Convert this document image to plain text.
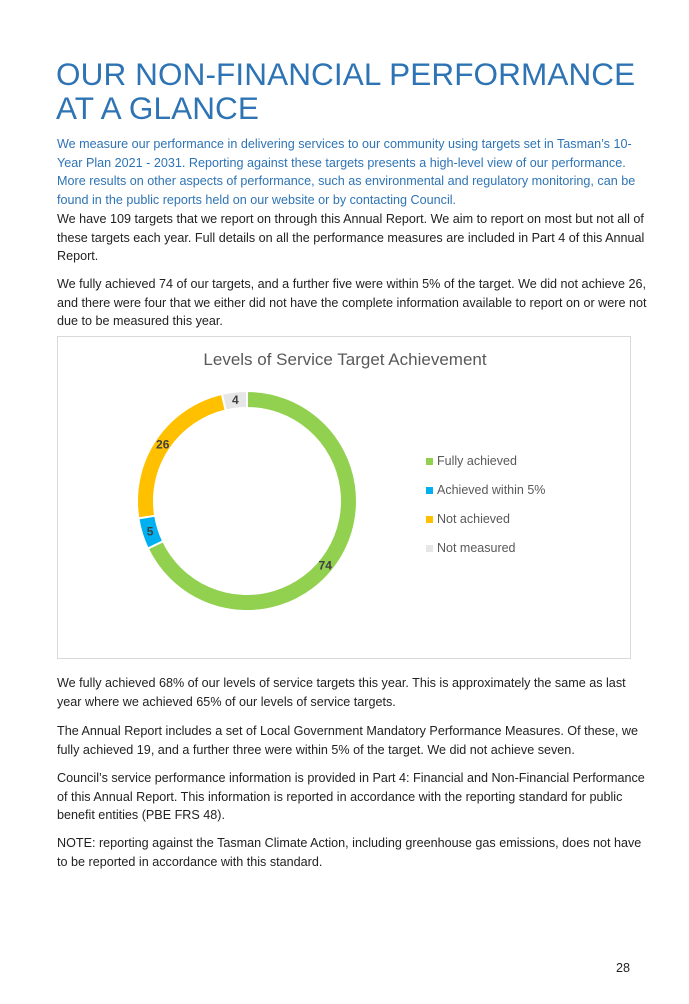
OUR NON-FINANCIAL PERFORMANCE
AT A GLANCE

We measure our performance in delivering services to our community using targets set in Tasman’s 10-Year Plan 2021 - 2031. Reporting against these targets presents a high-level view of our performance. More results on other aspects of performance, such as environmental and regulatory monitoring, can be found in the public reports held on our website or by contacting Council.

We have 109 targets that we report on through this Annual Report. We aim to report on most but not all of these targets each year. Full details on all the performance measures are included in Part 4 of this Annual Report.

We fully achieved 74 of our targets, and a further five were within 5% of the target. We did not achieve 26, and there were four that we either did not have the complete information available to report on or were not due to be measured this year.

Levels of Service Target Achievement
74
5
26
4
Fully achieved
Achieved within 5%
Not achieved
Not measured

We fully achieved 68% of our levels of service targets this year. This is approximately the same as last year where we achieved 65% of our levels of service targets.

The Annual Report includes a set of Local Government Mandatory Performance Measures. Of these, we fully achieved 19, and a further three were within 5% of the target. We did not achieve seven.

Council’s service performance information is provided in Part 4: Financial and Non-Financial Performance of this Annual Report. This information is reported in accordance with the reporting standard for public benefit entities (PBE FRS 48).

NOTE: reporting against the Tasman Climate Action, including greenhouse gas emissions, does not have to be reported in accordance with this standard.

28
